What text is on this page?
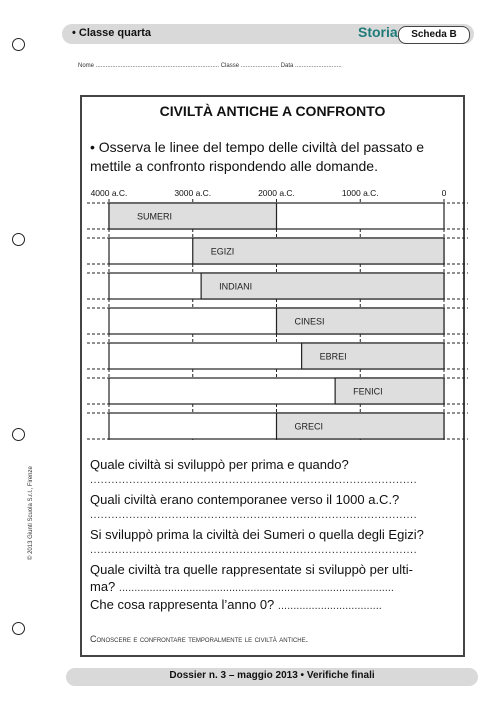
• Classe quarta	Storia	Scheda B
Nome .......................................................................... Classe ....................... Data ............................
CIVILTÀ ANTICHE A CONFRONTO
• Osserva le linee del tempo delle civiltà del passato e mettile a confronto rispondendo alle domande.
4000 a.C.	3000 a.C.	2000 a.C.	1000 a.C.	0
SUMERI
EGIZI
INDIANI
CINESI
EBREI
FENICI
GRECI
Quale civiltà si sviluppò per prima e quando?
............................................................................................
Quali civiltà erano contemporanee verso il 1000 a.C.?
............................................................................................
Si sviluppò prima la civiltà dei Sumeri o quella degli Egizi?
............................................................................................
Quale civiltà tra quelle rappresentate si sviluppò per ulti-
ma? ..........................................................................................
Che cosa rappresenta l’anno 0? ..................................
Conoscere e confrontare temporalmente le civiltà antiche.
© 2013 Giunti Scuola S.r.l., Firenze
Dossier n. 3 – maggio 2013 • Verifiche finali
